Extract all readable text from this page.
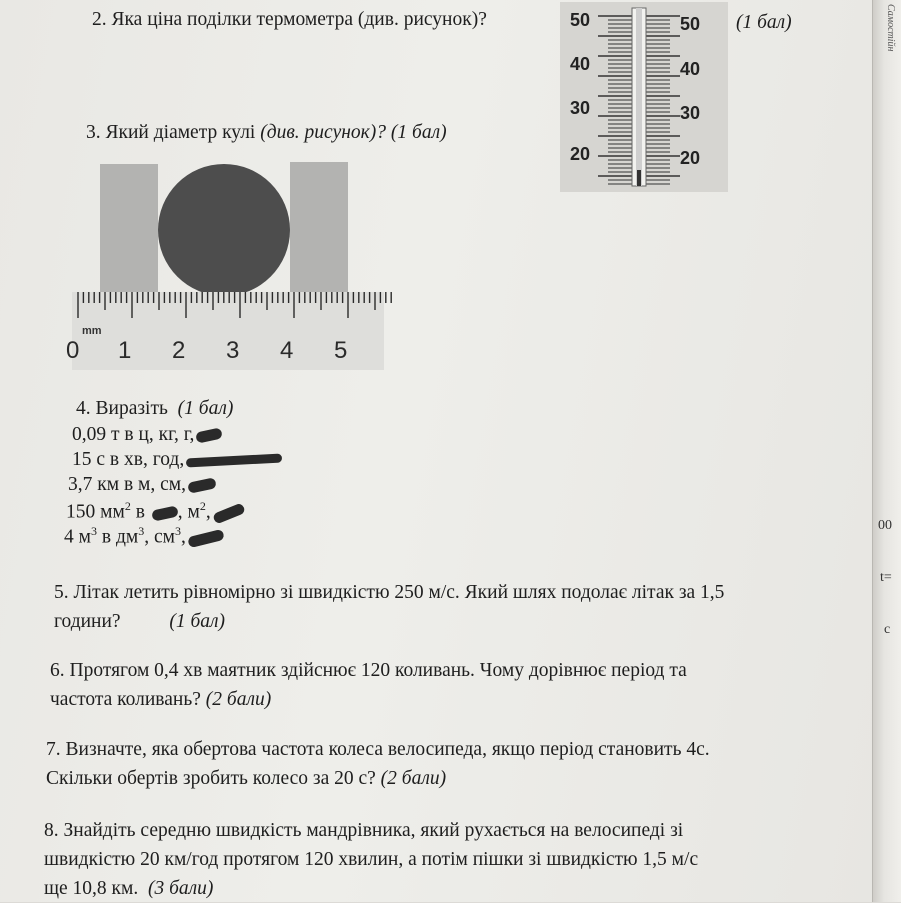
Самостійн
00
t=
с
2. Яка ціна поділки термометра (див. рисунок)?	(1 бал)
50
40
30
20
50
40
30
20
3. Який діаметр кулі (див. рисунок)? (1 бал)
mm
0 1 2 3 4 5
4. Виразіть (1 бал)
0,09 т в ц, кг, г,
15 с в хв, год,
3,7 км в м, см,
150 $мм^2$ в , $м^2$,
4 $м^3$ в $дм^3$, $см^3$,
5. Літак летить рівномірно зі швидкістю 250 м/с. Який шлях подолає літак за 1,5
години?	(1 бал)
6. Протягом 0,4 хв маятник здійснює 120 коливань. Чому дорівнює період та
частота коливань? (2 бали)
7. Визначте, яка обертова частота колеса велосипеда, якщо період становить 4с.
Скільки обертів зробить колесо за 20 с? (2 бали)
8. Знайдіть середню швидкість мандрівника, який рухається на велосипеді зі
швидкістю 20 км/год протягом 120 хвилин, а потім пішки зі швидкістю 1,5 м/с
ще 10,8 км. (3 бали)
